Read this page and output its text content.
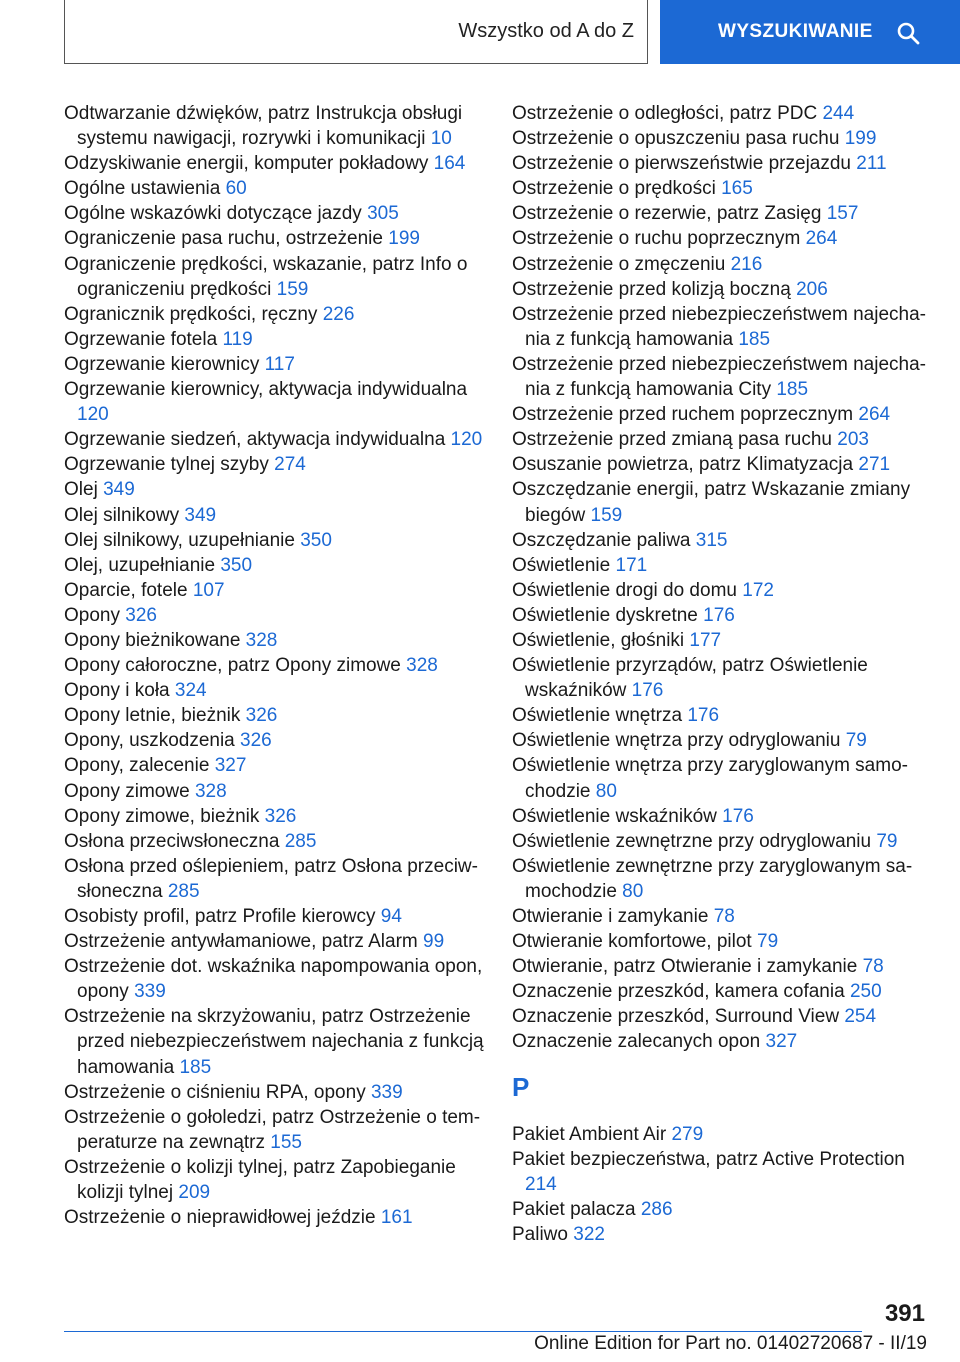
Wszystko od A do Z	WYSZUKIWANIE

Odtwarzanie dźwięków, patrz Instrukcja obsługi systemu nawigacji, rozrywki i komunikacji 10

Odzyskiwanie energii, komputer pokładowy 164

Ogólne ustawienia 60

Ogólne wskazówki dotyczące jazdy 305

Ograniczenie pasa ruchu, ostrzeżenie 199

Ograniczenie prędkości, wskazanie, patrz Info o ograniczeniu prędkości 159

Ogranicznik prędkości, ręczny 226

Ogrzewanie fotela 119

Ogrzewanie kierownicy 117

Ogrzewanie kierownicy, aktywacja indywidualna 120

Ogrzewanie siedzeń, aktywacja indywidualna 120

Ogrzewanie tylnej szyby 274

Olej 349

Olej silnikowy 349

Olej silnikowy, uzupełnianie 350

Olej, uzupełnianie 350

Oparcie, fotele 107

Opony 326

Opony bieżnikowane 328

Opony całoroczne, patrz Opony zimowe 328

Opony i koła 324

Opony letnie, bieżnik 326

Opony, uszkodzenia 326

Opony, zalecenie 327

Opony zimowe 328

Opony zimowe, bieżnik 326

Osłona przeciwsłoneczna 285

Osłona przed oślepieniem, patrz Osłona przeciwsłoneczna 285

Osobisty profil, patrz Profile kierowcy 94

Ostrzeżenie antywłamaniowe, patrz Alarm 99

Ostrzeżenie dot. wskaźnika napompowania opon, opony 339

Ostrzeżenie na skrzyżowaniu, patrz Ostrzeżenie przed niebezpieczeństwem najechania z funkcją hamowania 185

Ostrzeżenie o ciśnieniu RPA, opony 339

Ostrzeżenie o gołoledzi, patrz Ostrzeżenie o temperaturze na zewnątrz 155

Ostrzeżenie o kolizji tylnej, patrz Zapobieganie kolizji tylnej 209

Ostrzeżenie o nieprawidłowej jeździe 161

Ostrzeżenie o odległości, patrz PDC 244

Ostrzeżenie o opuszczeniu pasa ruchu 199

Ostrzeżenie o pierwszeństwie przejazdu 211

Ostrzeżenie o prędkości 165

Ostrzeżenie o rezerwie, patrz Zasięg 157

Ostrzeżenie o ruchu poprzecznym 264

Ostrzeżenie o zmęczeniu 216

Ostrzeżenie przed kolizją boczną 206

Ostrzeżenie przed niebezpieczeństwem najechania z funkcją hamowania 185

Ostrzeżenie przed niebezpieczeństwem najechania z funkcją hamowania City 185

Ostrzeżenie przed ruchem poprzecznym 264

Ostrzeżenie przed zmianą pasa ruchu 203

Osuszanie powietrza, patrz Klimatyzacja 271

Oszczędzanie energii, patrz Wskazanie zmiany biegów 159

Oszczędzanie paliwa 315

Oświetlenie 171

Oświetlenie drogi do domu 172

Oświetlenie dyskretne 176

Oświetlenie, głośniki 177

Oświetlenie przyrządów, patrz Oświetlenie wskaźników 176

Oświetlenie wnętrza 176

Oświetlenie wnętrza przy odryglowaniu 79

Oświetlenie wnętrza przy zaryglowanym samochodzie 80

Oświetlenie wskaźników 176

Oświetlenie zewnętrzne przy odryglowaniu 79

Oświetlenie zewnętrzne przy zaryglowanym samochodzie 80

Otwieranie i zamykanie 78

Otwieranie komfortowe, pilot 79

Otwieranie, patrz Otwieranie i zamykanie 78

Oznaczenie przeszkód, kamera cofania 250

Oznaczenie przeszkód, Surround View 254

Oznaczenie zalecanych opon 327

P

Pakiet Ambient Air 279

Pakiet bezpieczeństwa, patrz Active Protection 214

Pakiet palacza 286

Paliwo 322

391
Online Edition for Part no. 01402720687 - II/19
